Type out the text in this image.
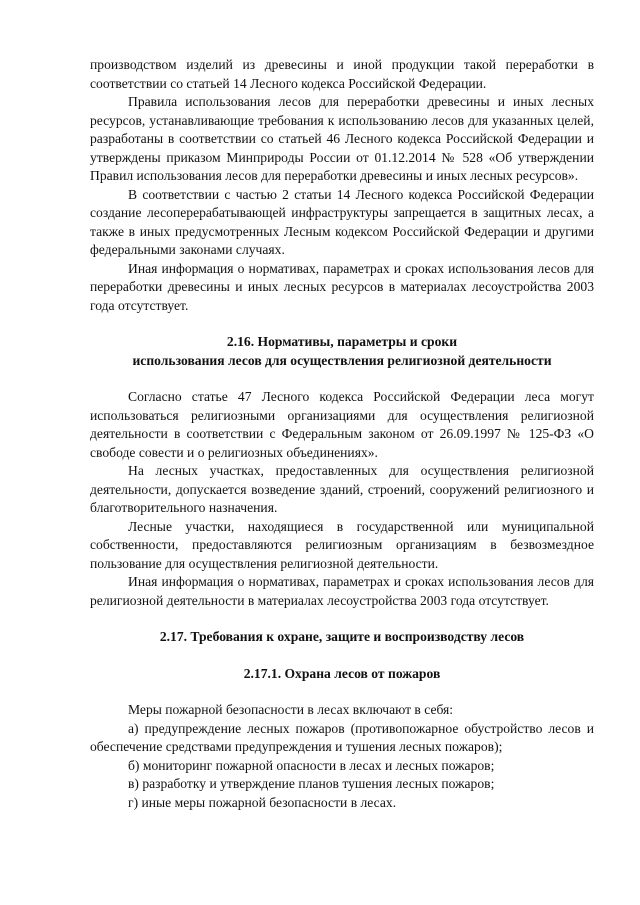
производством изделий из древесины и иной продукции такой переработки в соответствии со статьей 14 Лесного кодекса Российской Федерации.

Правила использования лесов для переработки древесины и иных лесных ресурсов, устанавливающие требования к использованию лесов для указанных целей, разработаны в соответствии со статьей 46 Лесного кодекса Российской Федерации и утверждены приказом Минприроды России от 01.12.2014 № 528 «Об утверждении Правил использования лесов для переработки древесины и иных лесных ресурсов».

В соответствии с частью 2 статьи 14 Лесного кодекса Российской Федерации создание лесоперерабатывающей инфраструктуры запрещается в защитных лесах, а также в иных предусмотренных Лесным кодексом Российской Федерации и другими федеральными законами случаях.

Иная информация о нормативах, параметрах и сроках использования лесов для переработки древесины и иных лесных ресурсов в материалах лесоустройства 2003 года отсутствует.

2.16. Нормативы, параметры и сроки
использования лесов для осуществления религиозной деятельности

Согласно статье 47 Лесного кодекса Российской Федерации леса могут использоваться религиозными организациями для осуществления религиозной деятельности в соответствии с Федеральным законом от 26.09.1997 № 125-ФЗ «О свободе совести и о религиозных объединениях».

На лесных участках, предоставленных для осуществления религиозной деятельности, допускается возведение зданий, строений, сооружений религиозного и благотворительного назначения.

Лесные участки, находящиеся в государственной или муниципальной собственности, предоставляются религиозным организациям в безвозмездное пользование для осуществления религиозной деятельности.

Иная информация о нормативах, параметрах и сроках использования лесов для религиозной деятельности в материалах лесоустройства 2003 года отсутствует.

2.17. Требования к охране, защите и воспроизводству лесов
2.17.1. Охрана лесов от пожаров

Меры пожарной безопасности в лесах включают в себя:

а) предупреждение лесных пожаров (противопожарное обустройство лесов и обеспечение средствами предупреждения и тушения лесных пожаров);

б) мониторинг пожарной опасности в лесах и лесных пожаров;

в) разработку и утверждение планов тушения лесных пожаров;

г) иные меры пожарной безопасности в лесах.
